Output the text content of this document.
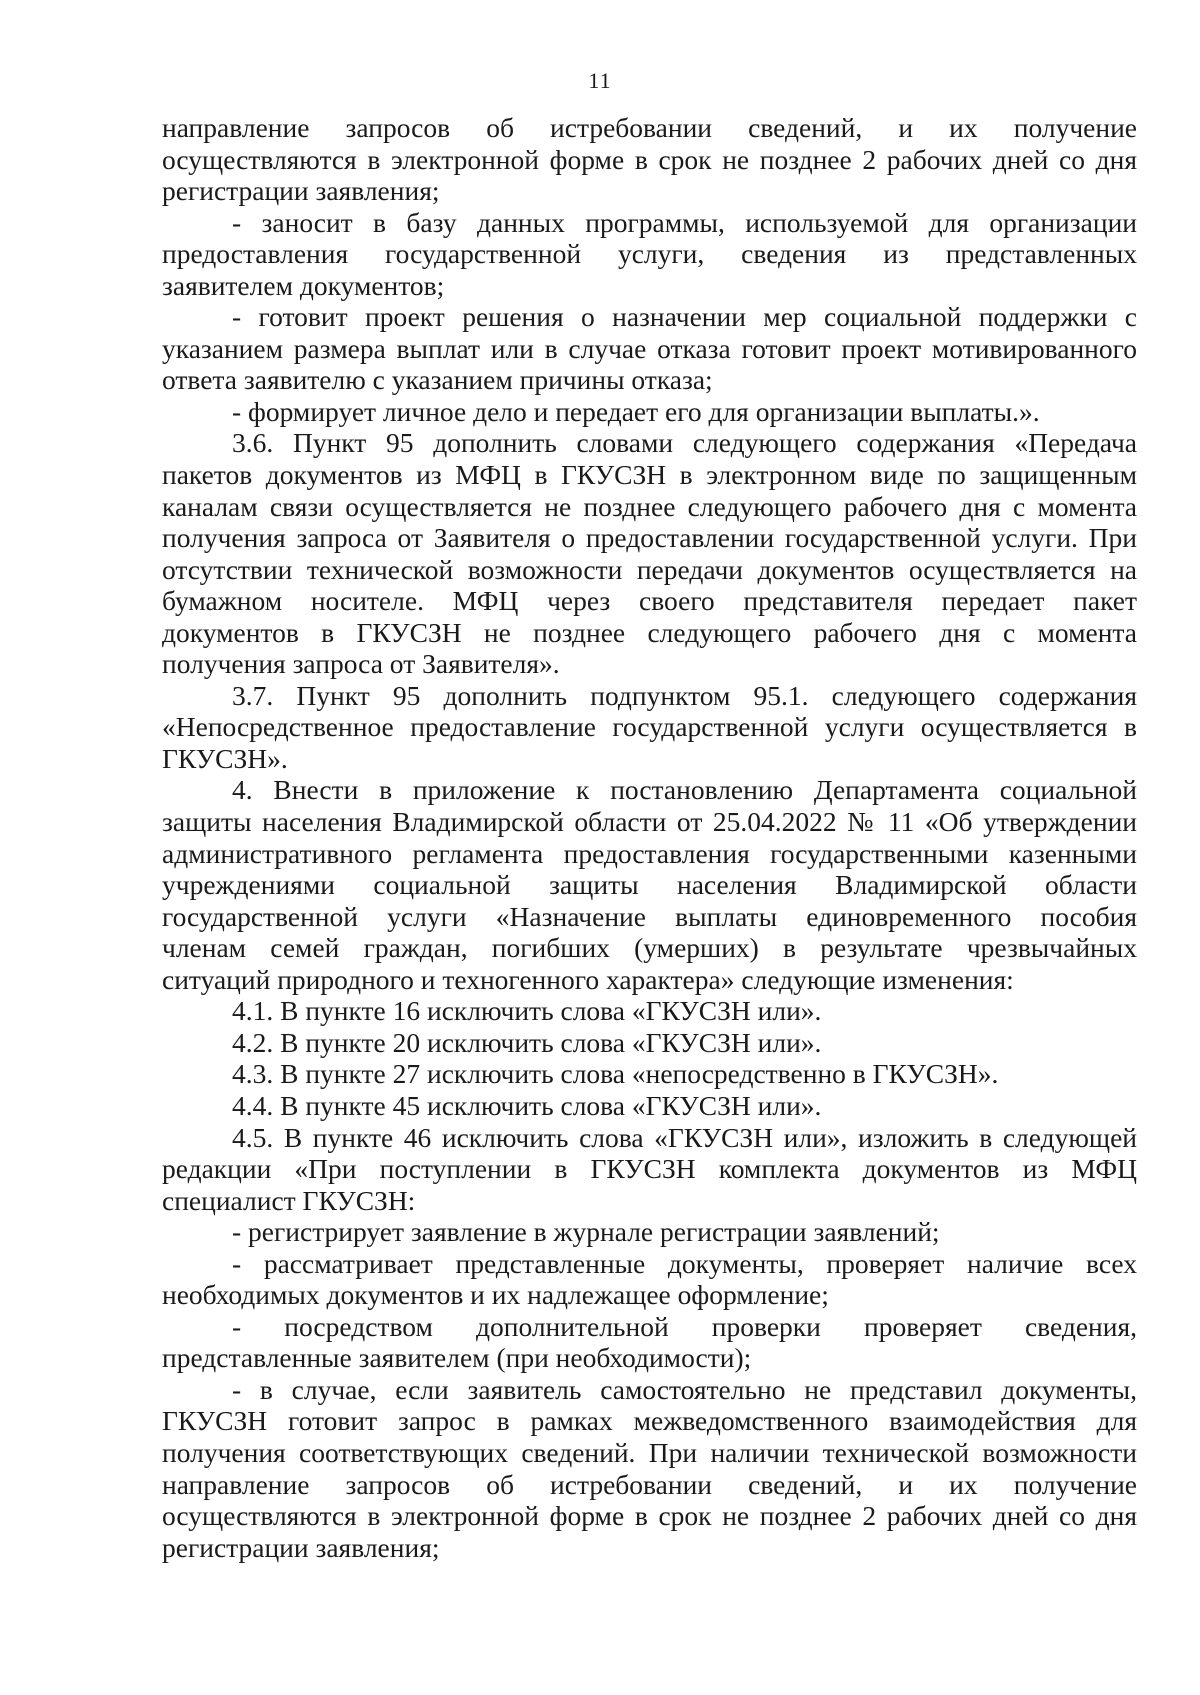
11
направление запросов об истребовании сведений, и их получение
осуществляются в электронной форме в срок не позднее 2 рабочих дней со дня
регистрации заявления;
- заносит в базу данных программы, используемой для организации
предоставления государственной услуги, сведения из представленных
заявителем документов;
- готовит проект решения о назначении мер социальной поддержки с
указанием размера выплат или в случае отказа готовит проект мотивированного
ответа заявителю с указанием причины отказа;
- формирует личное дело и передает его для организации выплаты.».
3.6. Пункт 95 дополнить словами следующего содержания «Передача
пакетов документов из МФЦ в ГКУСЗН в электронном виде по защищенным
каналам связи осуществляется не позднее следующего рабочего дня с момента
получения запроса от Заявителя о предоставлении государственной услуги. При
отсутствии технической возможности передачи документов осуществляется на
бумажном носителе. МФЦ через своего представителя передает пакет
документов в ГКУСЗН не позднее следующего рабочего дня с момента
получения запроса от Заявителя».
3.7. Пункт 95 дополнить подпунктом 95.1. следующего содержания
«Непосредственное предоставление государственной услуги осуществляется в
ГКУСЗН».
4. Внести в приложение к постановлению Департамента социальной
защиты населения Владимирской области от 25.04.2022 № 11 «Об утверждении
административного регламента предоставления государственными казенными
учреждениями социальной защиты населения Владимирской области
государственной услуги «Назначение выплаты единовременного пособия
членам семей граждан, погибших (умерших) в результате чрезвычайных
ситуаций природного и техногенного характера» следующие изменения:
4.1. В пункте 16 исключить слова «ГКУСЗН или».
4.2. В пункте 20 исключить слова «ГКУСЗН или».
4.3. В пункте 27 исключить слова «непосредственно в ГКУСЗН».
4.4. В пункте 45 исключить слова «ГКУСЗН или».
4.5. В пункте 46 исключить слова «ГКУСЗН или», изложить в следующей
редакции «При поступлении в ГКУСЗН комплекта документов из МФЦ
специалист ГКУСЗН:
- регистрирует заявление в журнале регистрации заявлений;
- рассматривает представленные документы, проверяет наличие всех
необходимых документов и их надлежащее оформление;
- посредством дополнительной проверки проверяет сведения,
представленные заявителем (при необходимости);
- в случае, если заявитель самостоятельно не представил документы,
ГКУСЗН готовит запрос в рамках межведомственного взаимодействия для
получения соответствующих сведений. При наличии технической возможности
направление запросов об истребовании сведений, и их получение
осуществляются в электронной форме в срок не позднее 2 рабочих дней со дня
регистрации заявления;
